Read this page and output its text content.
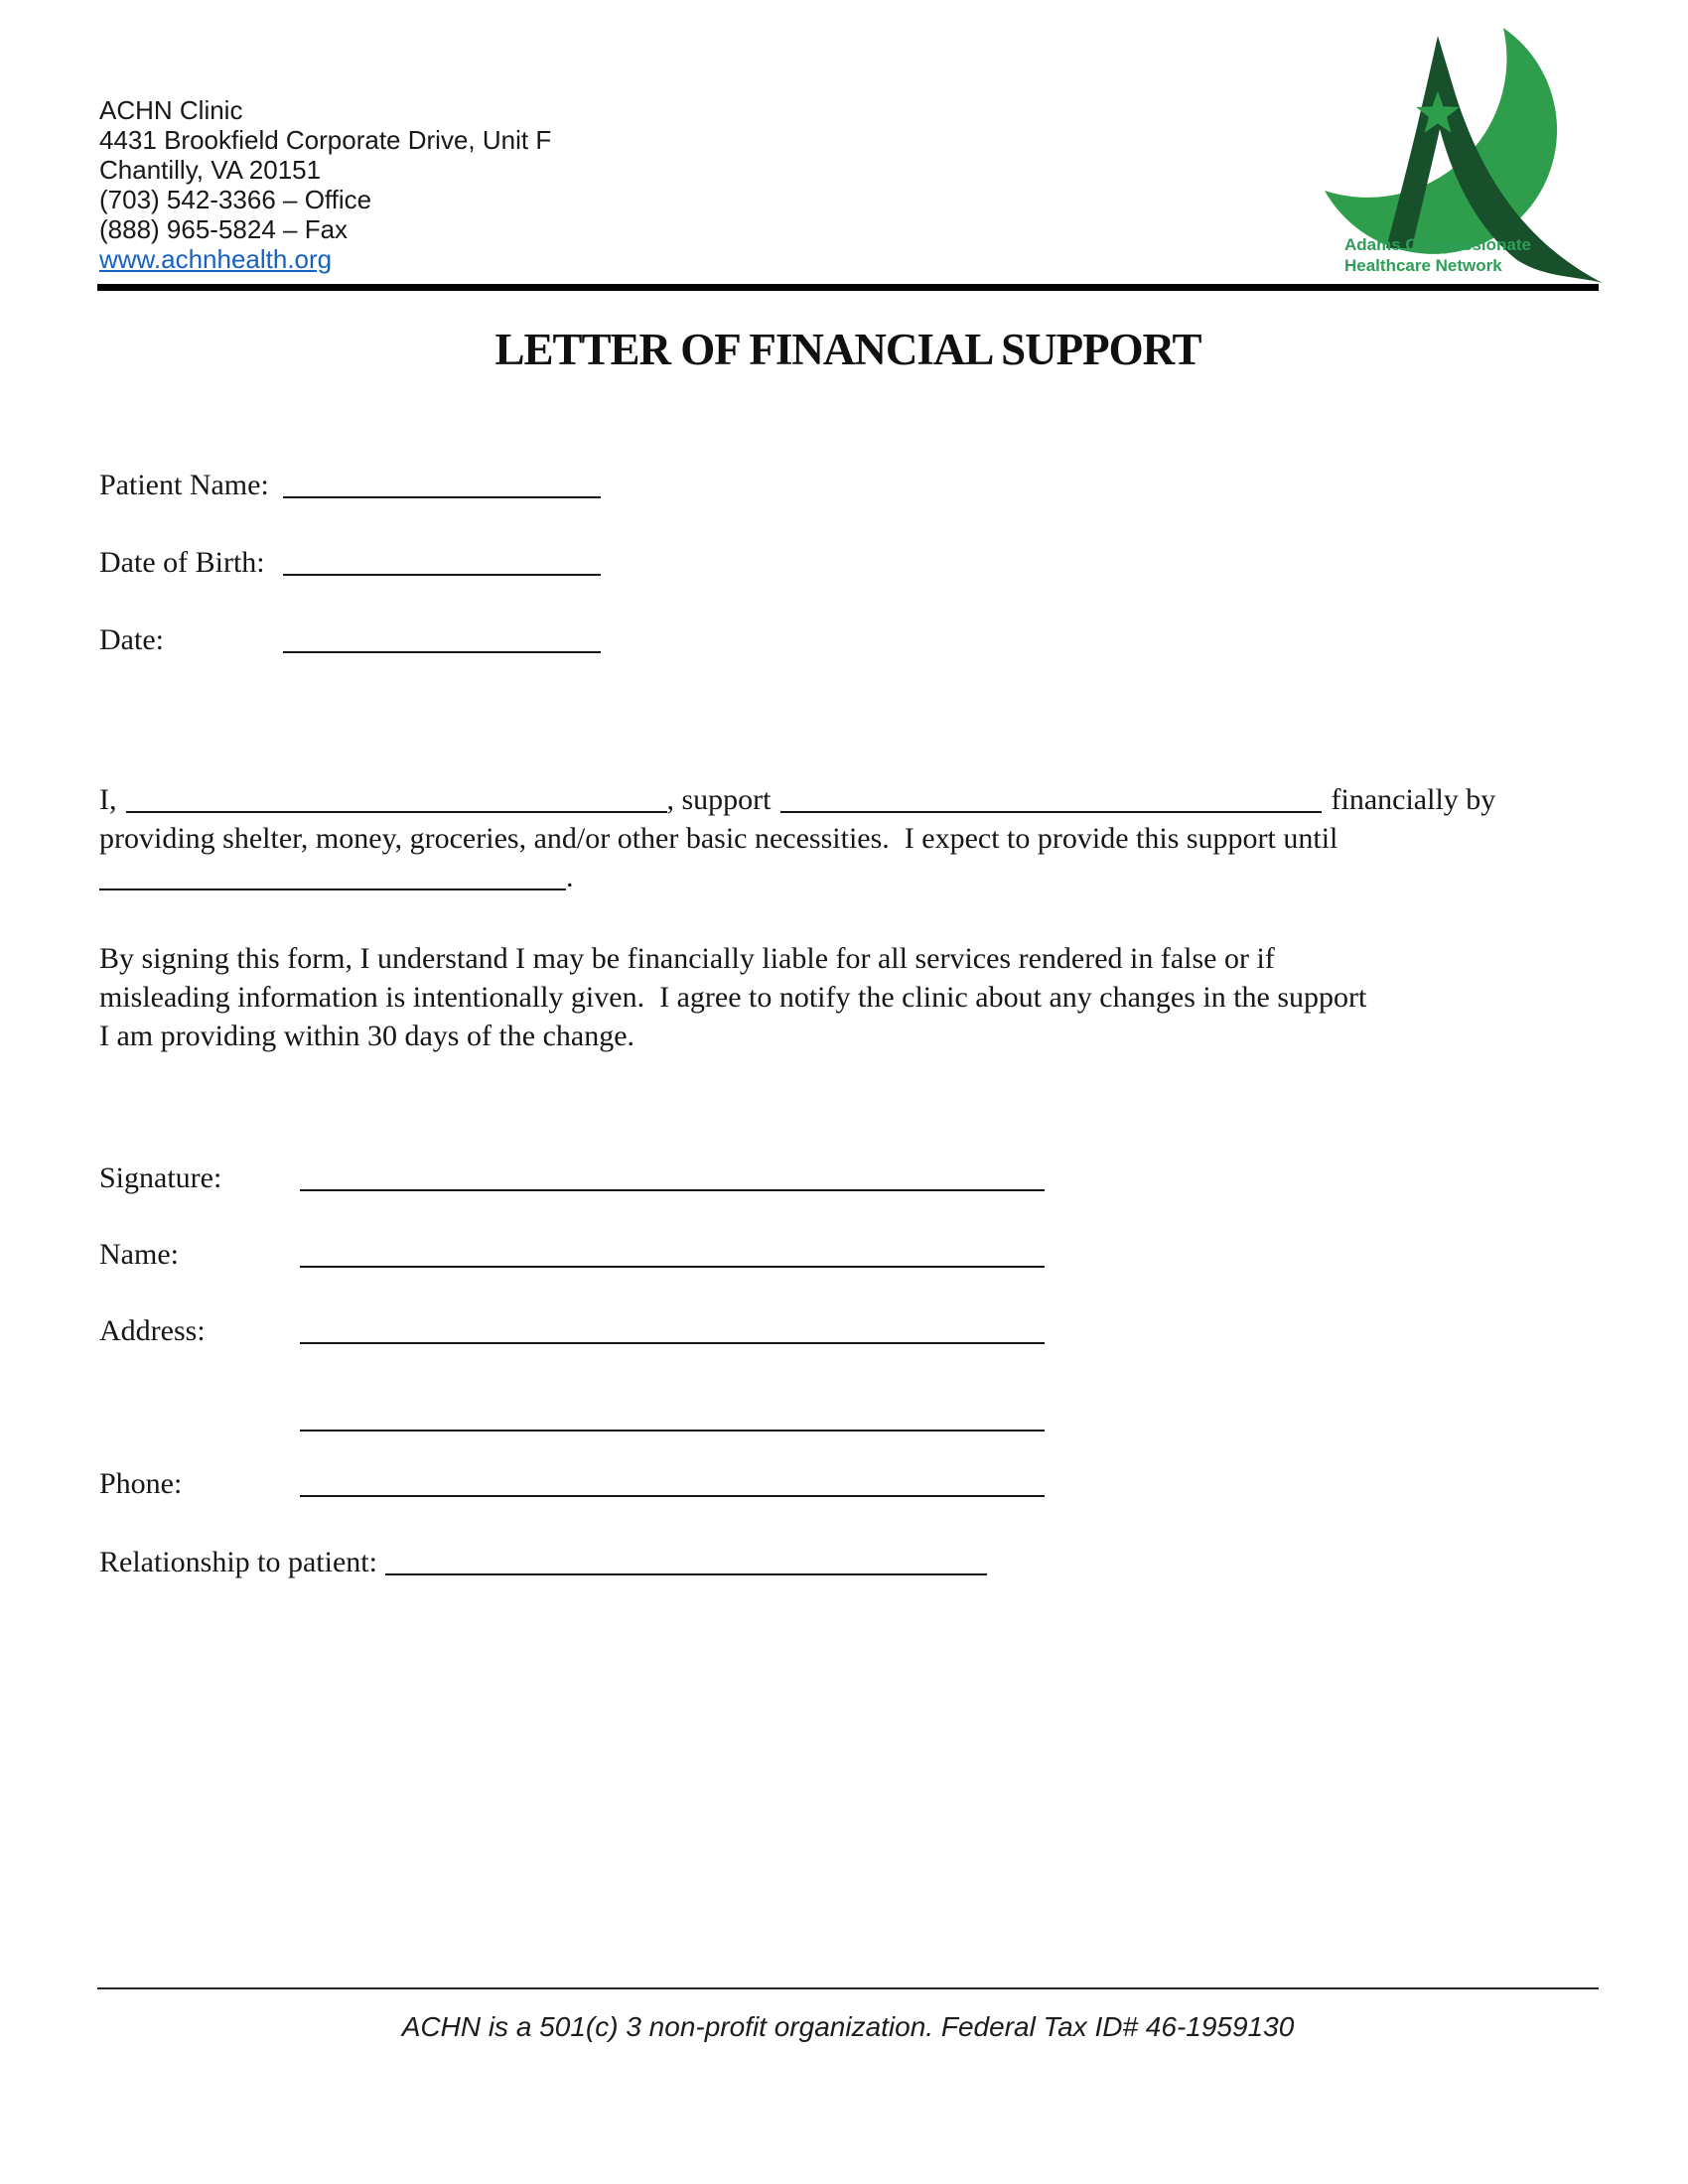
ACHN Clinic
4431 Brookfield Corporate Drive, Unit F
Chantilly, VA 20151
(703) 542-3366 – Office
(888) 965-5824 – Fax
www.achnhealth.org	Adams Compassionate
Healthcare Network
LETTER OF FINANCIAL SUPPORT
Patient Name:
Date of Birth:
Date:
I,	, support	financially by
providing shelter, money, groceries, and/or other basic necessities.  I expect to provide this support until
.
By signing this form, I understand I may be financially liable for all services rendered in false or if
misleading information is intentionally given.  I agree to notify the clinic about any changes in the support
I am providing within 30 days of the change.
Signature:
Name:
Address:
Phone:
Relationship to patient:
ACHN is a 501(c) 3 non-profit organization. Federal Tax ID# 46-1959130
